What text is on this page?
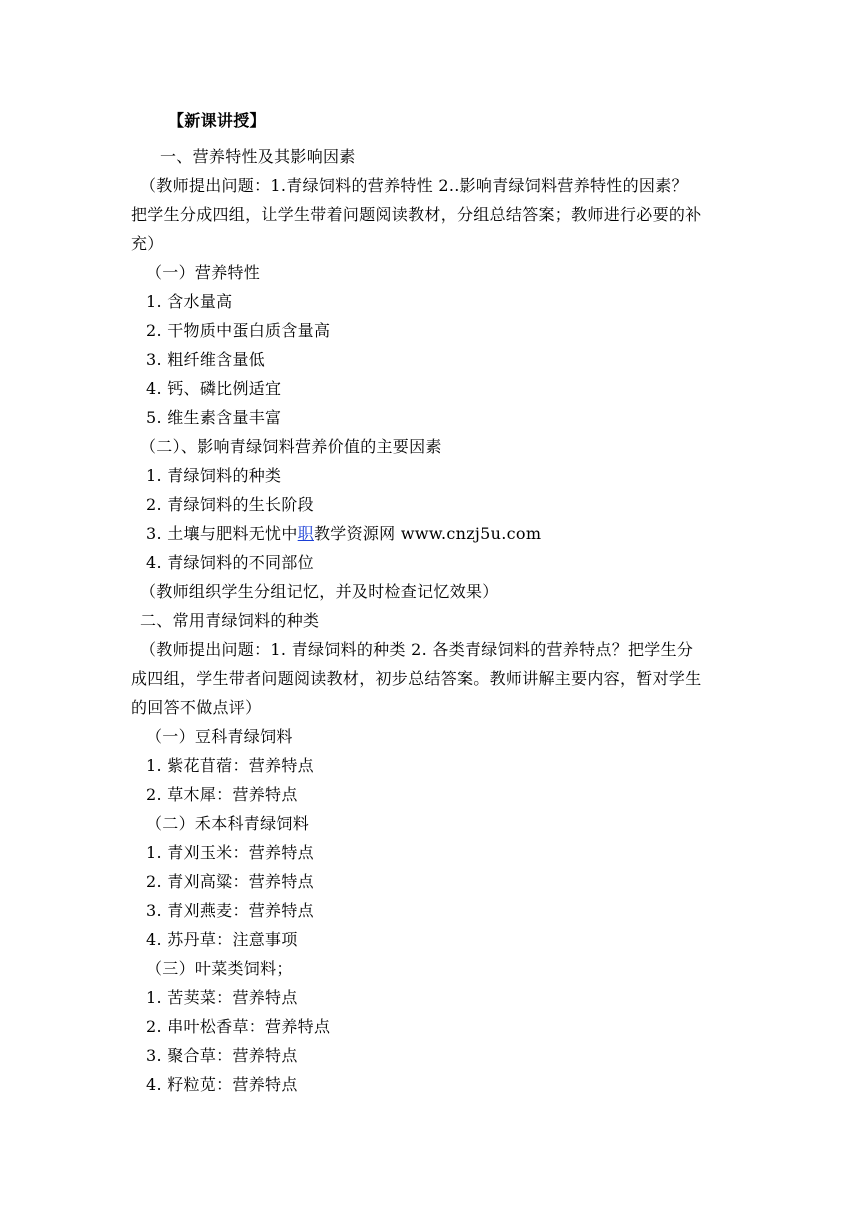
【新课讲授】
一、营养特性及其影响因素
（教师提出问题：1.青绿饲料的营养特性 2..影响青绿饲料营养特性的因素？
把学生分成四组，让学生带着问题阅读教材，分组总结答案；教师进行必要的补
充）
（一）营养特性
1. 含水量高
2. 干物质中蛋白质含量高
3. 粗纤维含量低
4. 钙、磷比例适宜
5. 维生素含量丰富
（二）、影响青绿饲料营养价值的主要因素
1. 青绿饲料的种类
2. 青绿饲料的生长阶段
3. 土壤与肥料无忧中职教学资源网 www.cnzj5u.com
4. 青绿饲料的不同部位
（教师组织学生分组记忆，并及时检查记忆效果）
二、常用青绿饲料的种类
（教师提出问题：1. 青绿饲料的种类 2. 各类青绿饲料的营养特点？把学生分
成四组，学生带者问题阅读教材，初步总结答案。教师讲解主要内容，暂对学生
的回答不做点评）
（一）豆科青绿饲料
1. 紫花苜蓿：营养特点
2. 草木犀：营养特点
（二）禾本科青绿饲料
1. 青刈玉米：营养特点
2. 青刈高粱：营养特点
3. 青刈燕麦：营养特点
4. 苏丹草：注意事项
（三）叶菜类饲料；
1. 苦荬菜：营养特点
2. 串叶松香草：营养特点
3. 聚合草：营养特点
4. 籽粒苋：营养特点
